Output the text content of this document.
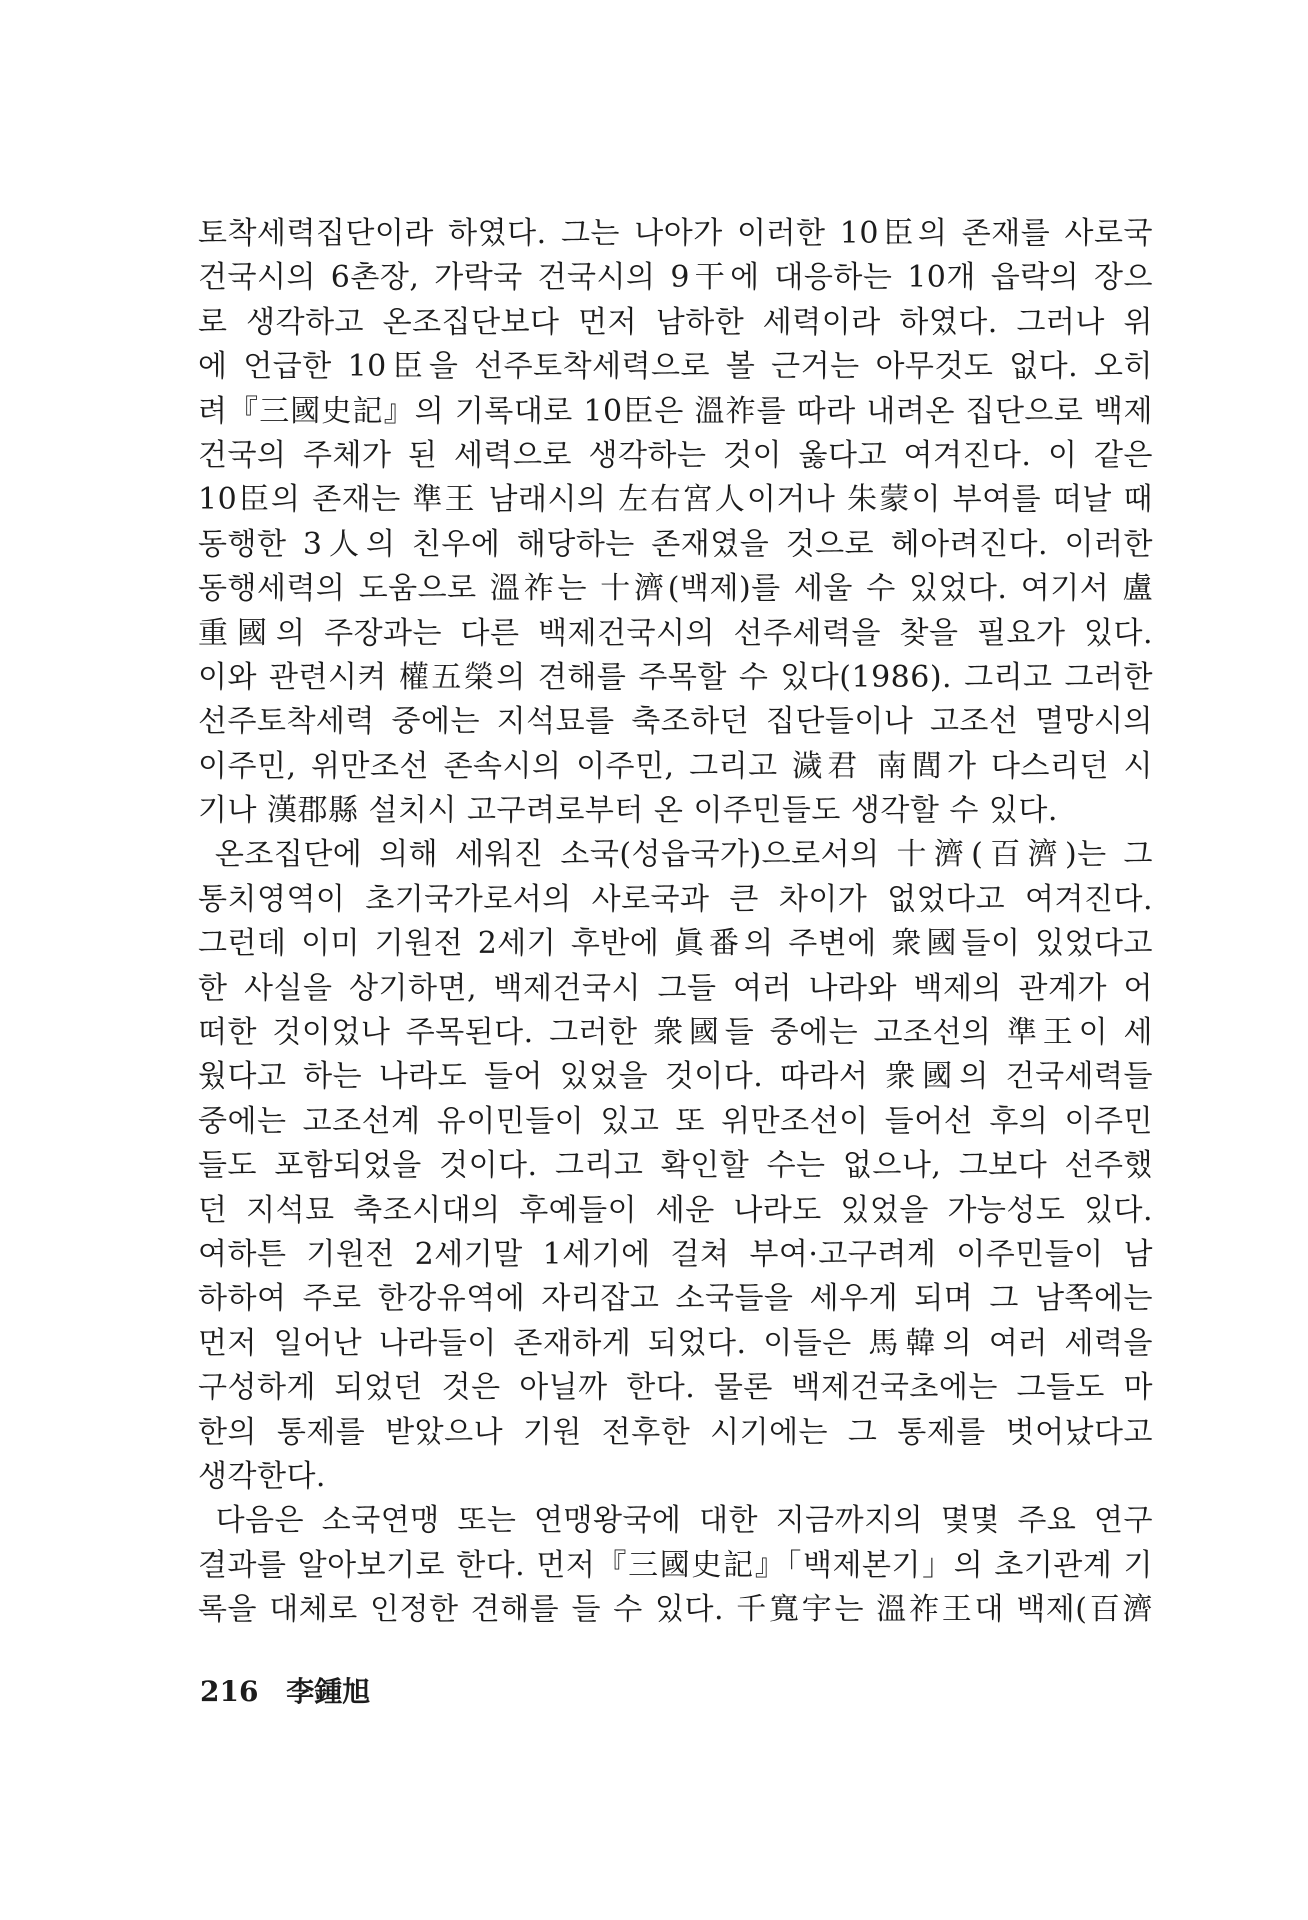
토착세력집단이라 하였다. 그는 나아가 이러한 10臣의 존재를 사로국
건국시의 6촌장, 가락국 건국시의 9干에 대응하는 10개 읍락의 장으
로 생각하고 온조집단보다 먼저 남하한 세력이라 하였다. 그러나 위
에 언급한 10臣을 선주토착세력으로 볼 근거는 아무것도 없다. 오히
려『三國史記』의 기록대로 10臣은 溫祚를 따라 내려온 집단으로 백제
건국의 주체가 된 세력으로 생각하는 것이 옳다고 여겨진다. 이 같은
10臣의 존재는 準王 남래시의 左右宮人이거나 朱蒙이 부여를 떠날 때
동행한 3人의 친우에 해당하는 존재였을 것으로 헤아려진다. 이러한
동행세력의 도움으로 溫祚는 十濟(백제)를 세울 수 있었다. 여기서 盧
重國의 주장과는 다른 백제건국시의 선주세력을 찾을 필요가 있다.
이와 관련시켜 權五榮의 견해를 주목할 수 있다(1986). 그리고 그러한
선주토착세력 중에는 지석묘를 축조하던 집단들이나 고조선 멸망시의
이주민, 위만조선 존속시의 이주민, 그리고 濊君 南閭가 다스리던 시
기나 漢郡縣 설치시 고구려로부터 온 이주민들도 생각할 수 있다.
온조집단에 의해 세워진 소국(성읍국가)으로서의 十濟(百濟)는 그
통치영역이 초기국가로서의 사로국과 큰 차이가 없었다고 여겨진다.
그런데 이미 기원전 2세기 후반에 眞番의 주변에 衆國들이 있었다고
한 사실을 상기하면, 백제건국시 그들 여러 나라와 백제의 관계가 어
떠한 것이었나 주목된다. 그러한 衆國들 중에는 고조선의 準王이 세
웠다고 하는 나라도 들어 있었을 것이다. 따라서 衆國의 건국세력들
중에는 고조선계 유이민들이 있고 또 위만조선이 들어선 후의 이주민
들도 포함되었을 것이다. 그리고 확인할 수는 없으나, 그보다 선주했
던 지석묘 축조시대의 후예들이 세운 나라도 있었을 가능성도 있다.
여하튼 기원전 2세기말 1세기에 걸쳐 부여·고구려계 이주민들이 남
하하여 주로 한강유역에 자리잡고 소국들을 세우게 되며 그 남쪽에는
먼저 일어난 나라들이 존재하게 되었다. 이들은 馬韓의 여러 세력을
구성하게 되었던 것은 아닐까 한다. 물론 백제건국초에는 그들도 마
한의 통제를 받았으나 기원 전후한 시기에는 그 통제를 벗어났다고
생각한다.
다음은 소국연맹 또는 연맹왕국에 대한 지금까지의 몇몇 주요 연구
결과를 알아보기로 한다. 먼저『三國史記』「백제본기」의 초기관계 기
록을 대체로 인정한 견해를 들 수 있다. 千寬宇는 溫祚王대 백제(百濟
216 李鍾旭
